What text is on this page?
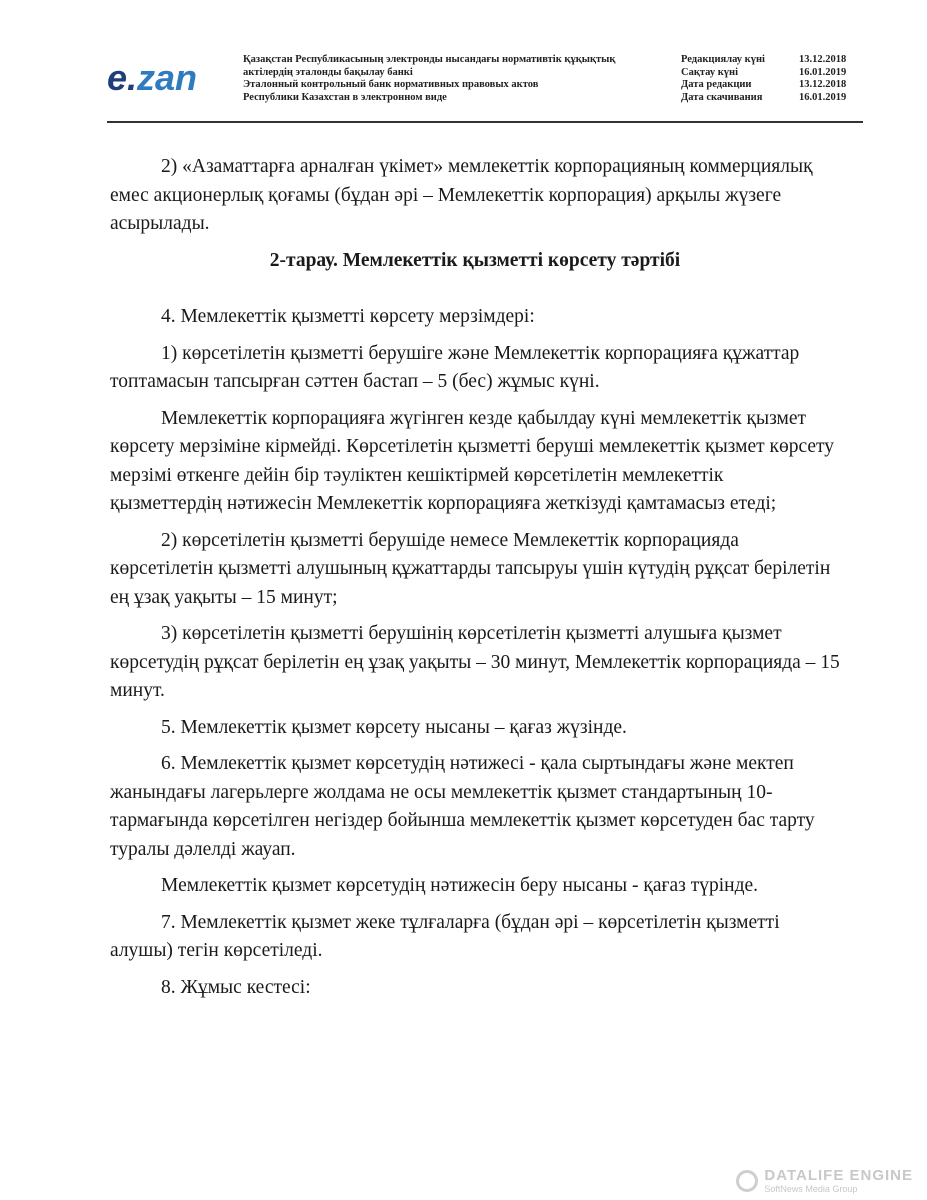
e.zan	Қазақстан Республикасының электронды нысандағы нормативтік құқықтық
актілердің эталонды бақылау банкі
Эталонный контрольный банк нормативных правовых актов
Республики Казахстан в электронном виде
Редакциялау күні	13.12.2018
Сақтау күні	16.01.2019
Дата редакции	13.12.2018
Дата скачивания	16.01.2019

2) «Азаматтарға арналған үкімет» мемлекеттік корпорацияның коммерциялық емес акционерлық қоғамы (бұдан әрі – Мемлекеттік корпорация) арқылы жүзеге асырылады.

2-тарау. Мемлекеттік қызметті көрсету тәртібі

4. Мемлекеттік қызметті көрсету мерзімдері:

1) көрсетілетін қызметті берушіге және Мемлекеттік корпорацияға құжаттар топтамасын тапсырған сәттен бастап – 5 (бес) жұмыс күні.

Мемлекеттік корпорацияға жүгінген кезде қабылдау күні мемлекеттік қызмет көрсету мерзіміне кірмейді. Көрсетілетін қызметті беруші мемлекеттік қызмет көрсету мерзімі өткенге дейін бір тәуліктен кешіктірмей көрсетілетін мемлекеттік қызметтердің нәтижесін Мемлекеттік корпорацияға жеткізуді қамтамасыз етеді;

2) көрсетілетін қызметті берушіде немесе Мемлекеттік корпорацияда көрсетілетін қызметті алушының құжаттарды тапсыруы үшін күтудің рұқсат берілетін ең ұзақ уақыты – 15 минут;

3) көрсетілетін қызметті берушінің көрсетілетін қызметті алушыға қызмет көрсетудің рұқсат берілетін ең ұзақ уақыты – 30 минут, Мемлекеттік корпорацияда – 15 минут.

5. Мемлекеттік қызмет көрсету нысаны – қағаз жүзінде.

6. Мемлекеттік қызмет көрсетудің нәтижесі - қала сыртындағы және мектеп жанындағы лагерьлерге жолдама не осы мемлекеттік қызмет стандартының 10-тармағында көрсетілген негіздер бойынша мемлекеттік қызмет көрсетуден бас тарту туралы дәлелді жауап.

Мемлекеттік қызмет көрсетудің нәтижесін беру нысаны - қағаз түрінде.

7. Мемлекеттік қызмет жеке тұлғаларға (бұдан әрі – көрсетілетін қызметті алушы) тегін көрсетіледі.

8. Жұмыс кестесі:

DATALIFE ENGINE
SoftNews Media Group
